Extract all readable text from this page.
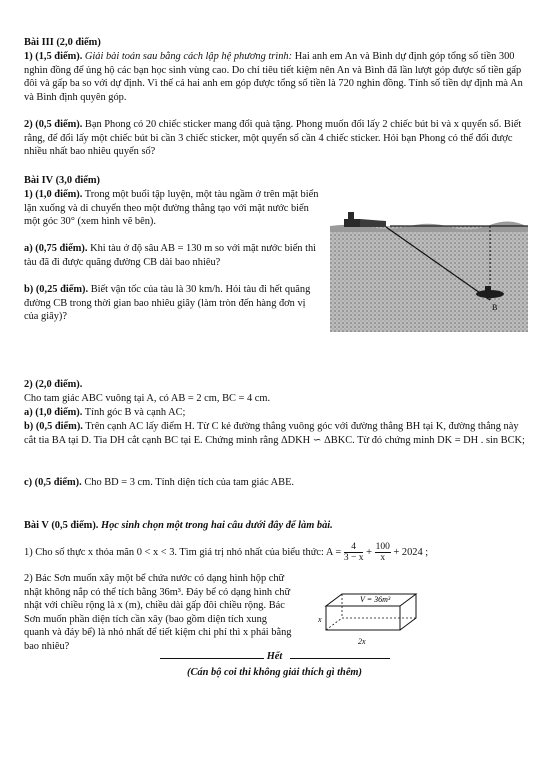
Bài III (2,0 điểm)
1) (1,5 điểm). Giải bài toán sau bằng cách lập hệ phương trình: Hai anh em An và Bình dự định góp tổng số tiền 300 nghìn đồng để ủng hộ các bạn học sinh vùng cao. Do chỉ tiêu tiết kiệm nên An và Bình đã lần lượt góp được số tiền gấp đôi và gấp ba so với dự định. Vì thế cả hai anh em góp được tổng số tiền là 720 nghìn đồng. Tính số tiền dự định mà An và Bình định quyên góp.
2) (0,5 điểm). Bạn Phong có 20 chiếc sticker mang đổi quà tặng. Phong muốn đổi lấy 2 chiếc bút bi và x quyển sổ. Biết rằng, để đổi lấy một chiếc bút bi cần 3 chiếc sticker, một quyển sổ cần 4 chiếc sticker. Hỏi bạn Phong có thể đổi được nhiều nhất bao nhiêu quyển sổ?
Bài IV (3,0 điểm)
1) (1,0 điểm). Trong một buổi tập luyện, một tàu ngầm ở trên mặt biển lặn xuống và di chuyển theo một đường thẳng tạo với mặt nước biển một góc 30° (xem hình vẽ bên).
a) (0,75 điểm). Khi tàu ở độ sâu AB = 130 m so với mặt nước biển thì tàu đã đi được quãng đường CB dài bao nhiêu?
b) (0,25 điểm). Biết vận tốc của tàu là 30 km/h. Hỏi tàu đi hết quãng đường CB trong thời gian bao nhiêu giây (làm tròn đến hàng đơn vị của giây)?
B
2) (2,0 điểm).
Cho tam giác ABC vuông tại A, có AB = 2 cm, BC = 4 cm.
a) (1,0 điểm). Tính góc B và cạnh AC;
b) (0,5 điểm). Trên cạnh AC lấy điểm H. Từ C kẻ đường thẳng vuông góc với đường thẳng BH tại K, đường thẳng này cắt tia BA tại D. Tia DH cắt cạnh BC tại E. Chứng minh rằng ΔDKH ∽ ΔBKC. Từ đó chứng minh DK = DH . sin BCK;
c) (0,5 điểm). Cho BD = 3 cm. Tính diện tích của tam giác ABE.
Bài V (0,5 điểm). Học sinh chọn một trong hai câu dưới đây để làm bài.
1) Cho số thực x thỏa mãn 0 < x < 3. Tìm giá trị nhỏ nhất của biểu thức: $A = \frac{4}{3 - x} + \frac{100}{x} + 2024$ ;
2) Bác Sơn muốn xây một bể chứa nước có dạng hình hộp chữ nhật không nắp có thể tích bằng 36m³. Đáy bể có dạng hình chữ nhật với chiều rộng là x (m), chiều dài gấp đôi chiều rộng. Bác Sơn muốn phần diện tích cần xây (bao gồm diện tích xung quanh và đáy bể) là nhỏ nhất để tiết kiệm chi phí thì x phải bằng bao nhiêu?
V = 36m³
x
2x
Hết
(Cán bộ coi thi không giải thích gì thêm)
